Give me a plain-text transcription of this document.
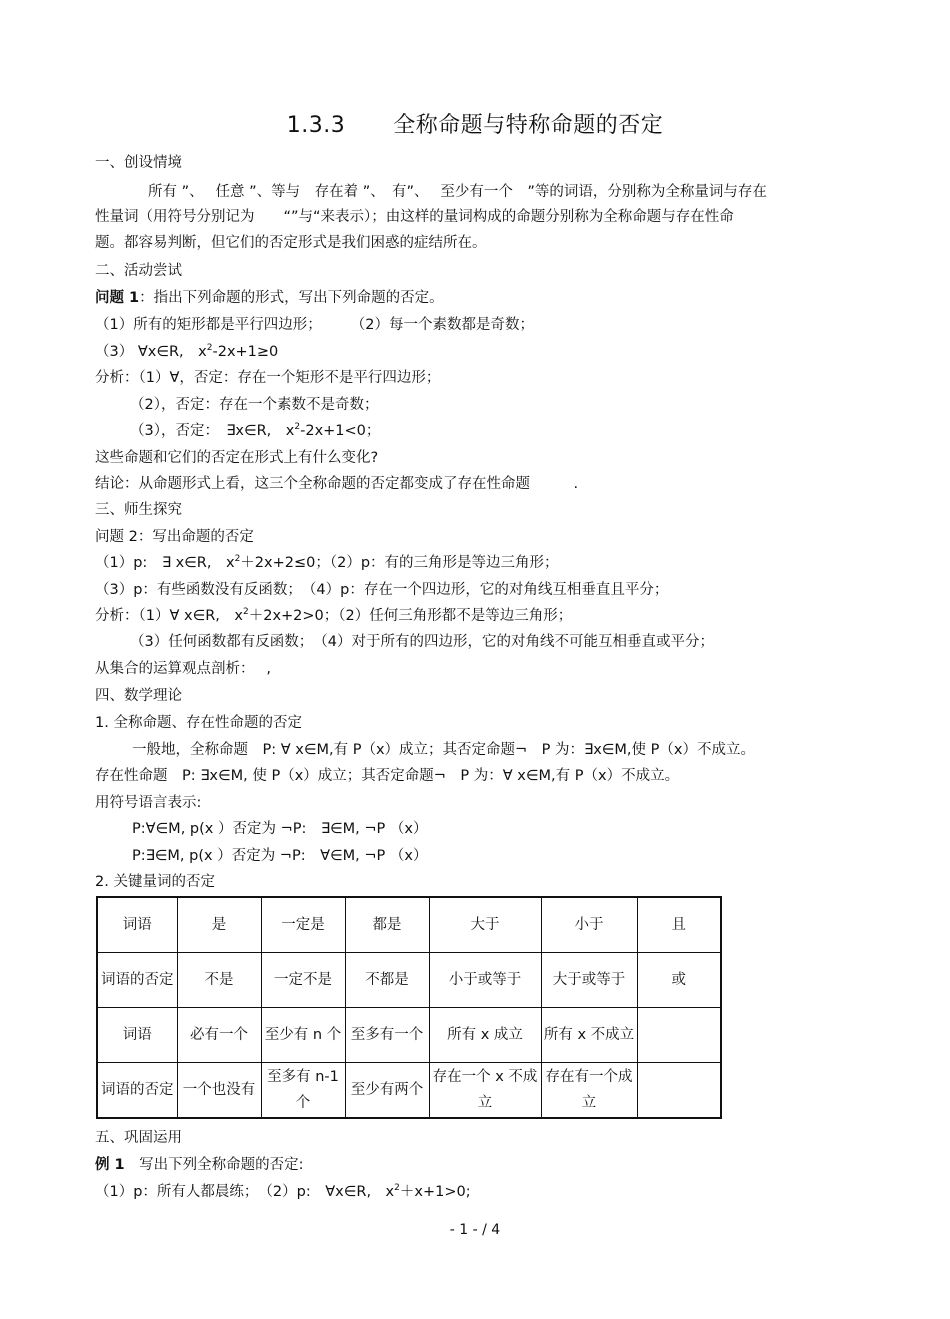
1.3.3 全称命题与特称命题的否定
一、创设情境
所有 ”、　 任意 ”、等与　存在着 ”、　有”、　 至少有一个　”等的词语，分别称为全称量词与存在
性量词（用符号分别记为　　“”与“来表示）；由这样的量词构成的命题分别称为全称命题与存在性命
题。都容易判断，但它们的否定形式是我们困惑的症结所在。
二、活动尝试
问题 1：指出下列命题的形式，写出下列命题的否定。
（1）所有的矩形都是平行四边形；　　　（2）每一个素数都是奇数；
（3） ∀x∈R,　$x^2-2x+1\ge 0$
分析：（1）∀，否定：存在一个矩形不是平行四边形；
（2），否定：存在一个素数不是奇数；
（3），否定：　∃x∈R,　$x^2-2x+1<0$；
这些命题和它们的否定在形式上有什么变化?
结论：从命题形式上看，这三个全称命题的否定都变成了存在性命题　　　.
三、师生探究
问题 2：写出命题的否定
（1）p:　∃ x∈R,　$x^2+2x+2\le 0$；（2）p：有的三角形是等边三角形；
（3）p：有些函数没有反函数；　（4）p：存在一个四边形，它的对角线互相垂直且平分；
分析：（1）∀ x∈R,　$x^2+2x+2>0$；（2）任何三角形都不是等边三角形；
（3）任何函数都有反函数；　（4）对于所有的四边形，它的对角线不可能互相垂直或平分；
从集合的运算观点剖析：　 ,
四、数学理论
1. 全称命题、存在性命题的否定
一般地，全称命题　P: ∀ x∈M,有 P（x）成立；其否定命题¬　P 为：∃x∈M,使 P（x）不成立。
存在性命题　P: ∃x∈M, 使 P（x）成立；其否定命题¬　P 为：∀ x∈M,有 P（x）不成立。
用符号语言表示:
P:∀∈M, p(x ）否定为 ¬P:　∃∈M, ¬P （x）
P:∃∈M, p(x ）否定为 ¬P:　∀∈M, ¬P （x）
2. 关键量词的否定
词语	是	一定是	都是	大于	小于	且
词语的否定	不是	一定不是	不都是	小于或等于	大于或等于	或
词语	必有一个	至少有 n 个	至多有一个	所有 x 成立	所有 x 不成立	
词语的否定	一个也没有	至多有 n-1 个	至少有两个	存在一个 x 不成立	存在有一个成立	
五、巩固运用
例 1　写出下列全称命题的否定:
（1）p：所有人都晨练；　（2）p:　∀x∈R,　$x^2+x+1>0$;
- 1 - / 4
